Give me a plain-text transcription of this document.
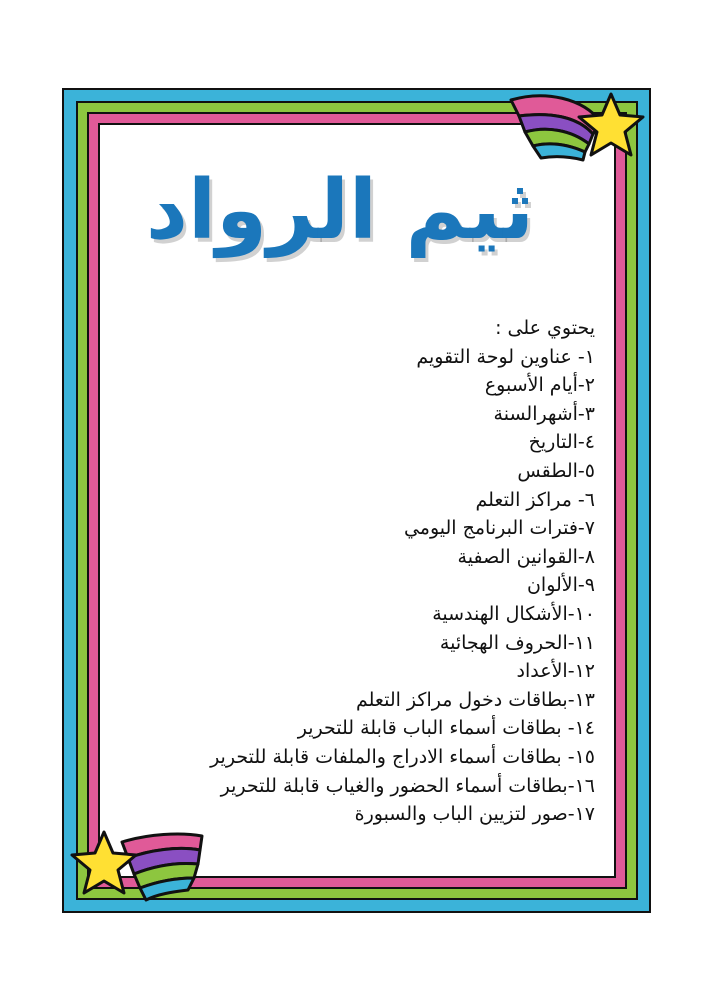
ثيم الرواد
يحتوي على :
١- عناوين لوحة التقويم
٢-أيام الأسبوع
٣-أشهرالسنة
٤-التاريخ
٥-الطقس
٦- مراكز التعلم
٧-فترات البرنامج اليومي
٨-القوانين الصفية
٩-الألوان
١٠-الأشكال الهندسية
١١-الحروف الهجائية
١٢-الأعداد
١٣-بطاقات دخول مراكز التعلم
١٤- بطاقات أسماء الباب قابلة للتحرير
١٥- بطاقات أسماء الادراج والملفات قابلة للتحرير
١٦-بطاقات أسماء الحضور والغياب قابلة للتحرير
١٧-صور لتزيين الباب والسبورة
